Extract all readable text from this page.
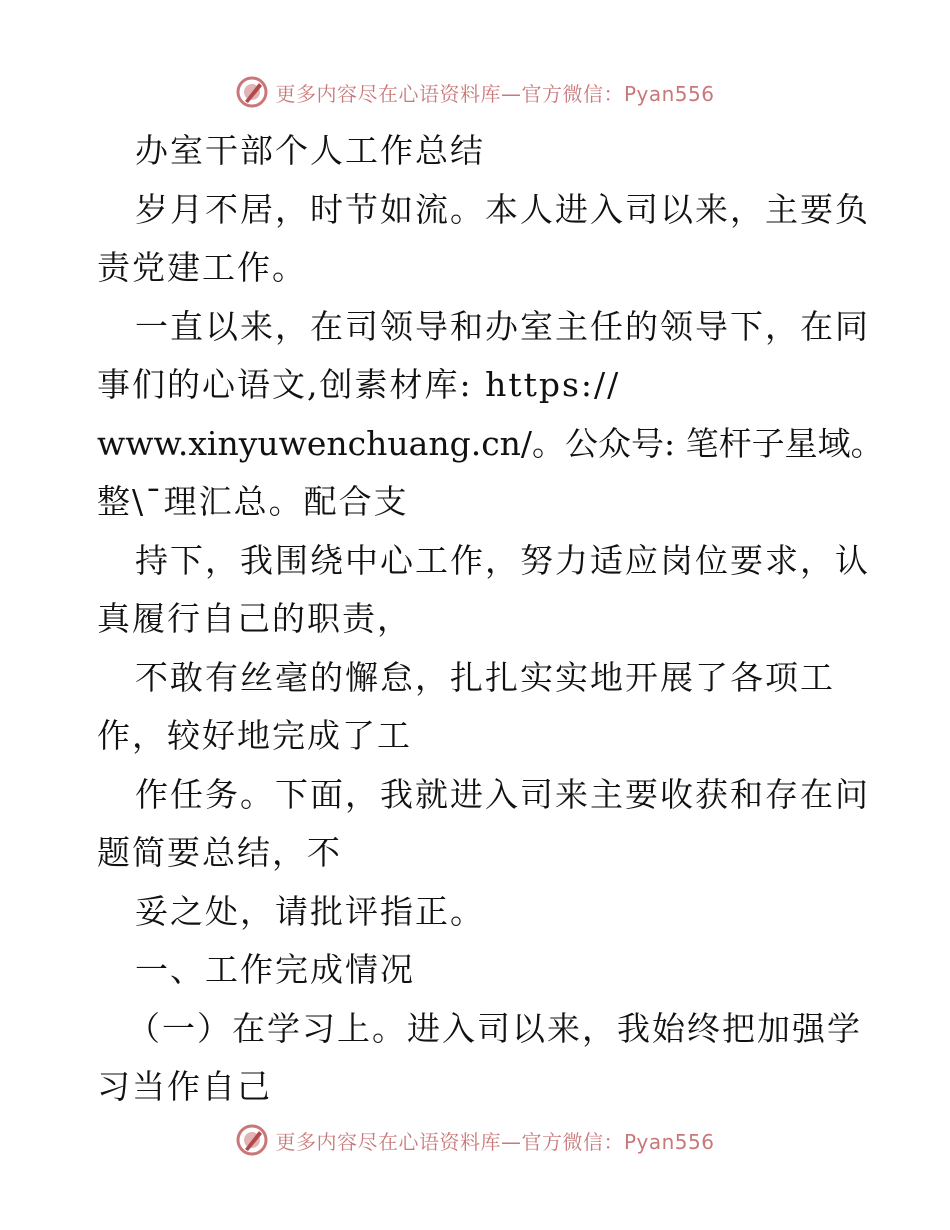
更多内容尽在心语资料库—官方微信：Pyan556
办室干部个人工作总结
岁月不居，时节如流。本人进入司以来，主要负
责党建工作。
一直以来，在司领导和办室主任的领导下，在同
事们的心语文,创素材库: https://
www.xinyuwenchuang.cn/。公众号: 笔杆子星域。
整\¯理汇总。配合支
持下，我围绕中心工作，努力适应岗位要求，认
真履行自己的职责，
不敢有丝毫的懈怠，扎扎实实地开展了各项工
作，较好地完成了工
作任务。下面，我就进入司来主要收获和存在问
题简要总结，不
妥之处，请批评指正。
一、工作完成情况
（一）在学习上。进入司以来，我始终把加强学
习当作自己
更多内容尽在心语资料库—官方微信：Pyan556
